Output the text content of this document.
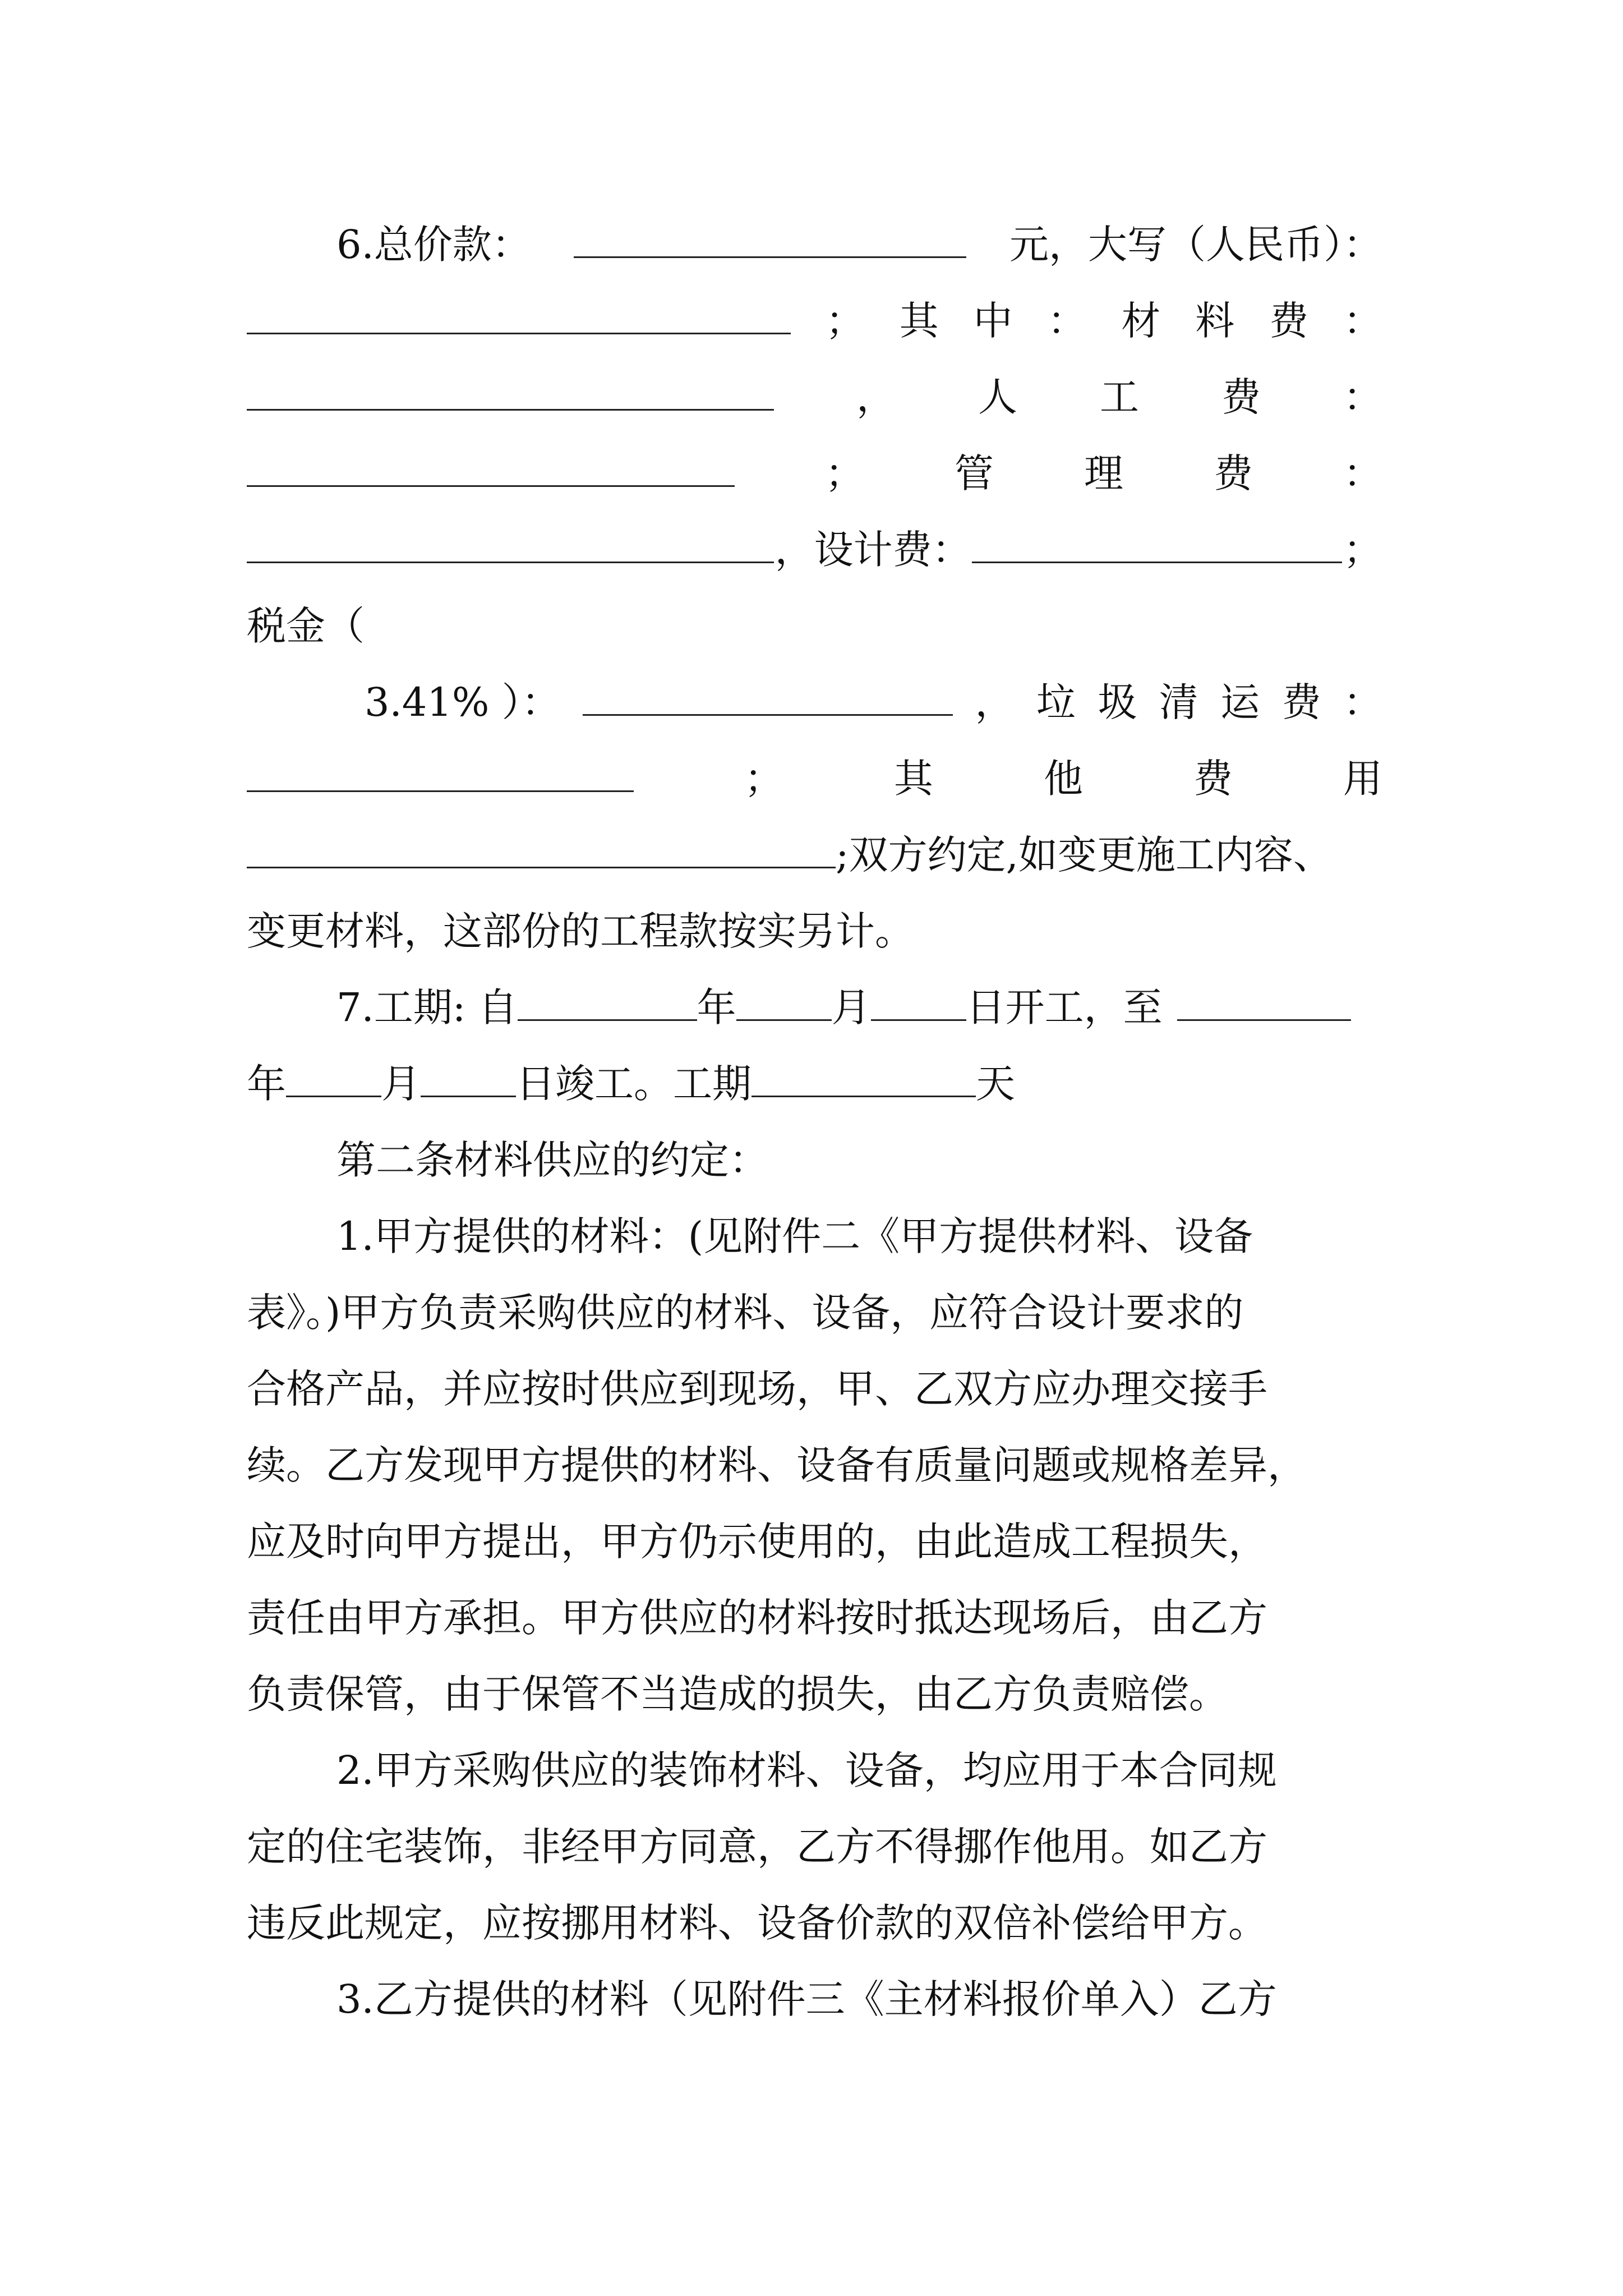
6.总价款：	元，大写（人民币）：
； 其 中 ： 材 料 费 ：
， 人 工 费 ：
； 管 理 费 ：
，设计费：	；
税金（
3.41% ）：	， 垃 圾 清 运 费 ：
；	其	他	费	用
;双方约定,如变更施工内容、
变更材料，这部份的工程款按实另计。
7.工期: 自	年 月 日开工，至
年 月 日竣工。工期	天
第二条材料供应的约定：
1.甲方提供的材料：(见附件二《甲方提供材料、设备
表》。)甲方负责采购供应的材料、设备，应符合设计要求的
合格产品，并应按时供应到现场，甲、乙双方应办理交接手
续。乙方发现甲方提供的材料、设备有质量问题或规格差异，
应及时向甲方提出，甲方仍示使用的，由此造成工程损失，
责任由甲方承担。甲方供应的材料按时抵达现场后，由乙方
负责保管，由于保管不当造成的损失，由乙方负责赔偿。
2.甲方采购供应的装饰材料、设备，均应用于本合同规
定的住宅装饰，非经甲方同意，乙方不得挪作他用。如乙方
违反此规定，应按挪用材料、设备价款的双倍补偿给甲方。
3.乙方提供的材料（见附件三《主材料报价单入）乙方
